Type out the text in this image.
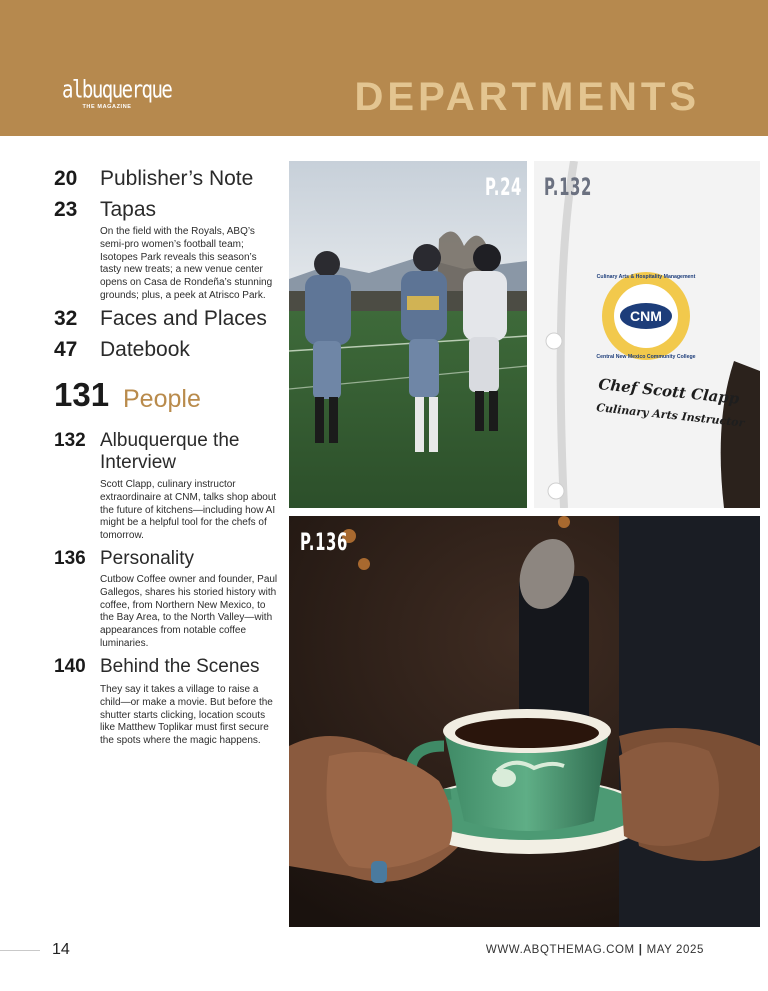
albuquerque
THE MAGAZINE	DEPARTMENTS
20 Publisher’s Note
23 Tapas
On the field with the Royals, ABQ’s semi-pro women’s football team; Isotopes Park reveals this season’s tasty new treats; a new venue center opens on Casa de Rondeña’s stunning grounds; plus, a peek at Atrisco Park.
32 Faces and Places
47 Datebook
131 People
132 Albuquerque the Interview
Scott Clapp, culinary instructor extraordinaire at CNM, talks shop about the future of kitchens—including how AI might be a helpful tool for the chefs of tomorrow.
136 Personality
Cutbow Coffee owner and founder, Paul Gallegos, shares his storied history with coffee, from Northern New Mexico, to the Bay Area, to the North Valley—with appearances from notable coffee luminaries.
140 Behind the Scenes
They say it takes a village to raise a child—or make a movie. But before the shutter starts clicking, location scouts like Matthew Toplikar must first secure the spots where the magic happens.
P.24
CNM
Culinary Arts & Hospitality Management
Central New Mexico Community College
Chef Scott Clapp
Culinary Arts Instructor
P.132
P.136
14	WWW.ABQTHEMAG.COM | MAY 2025
